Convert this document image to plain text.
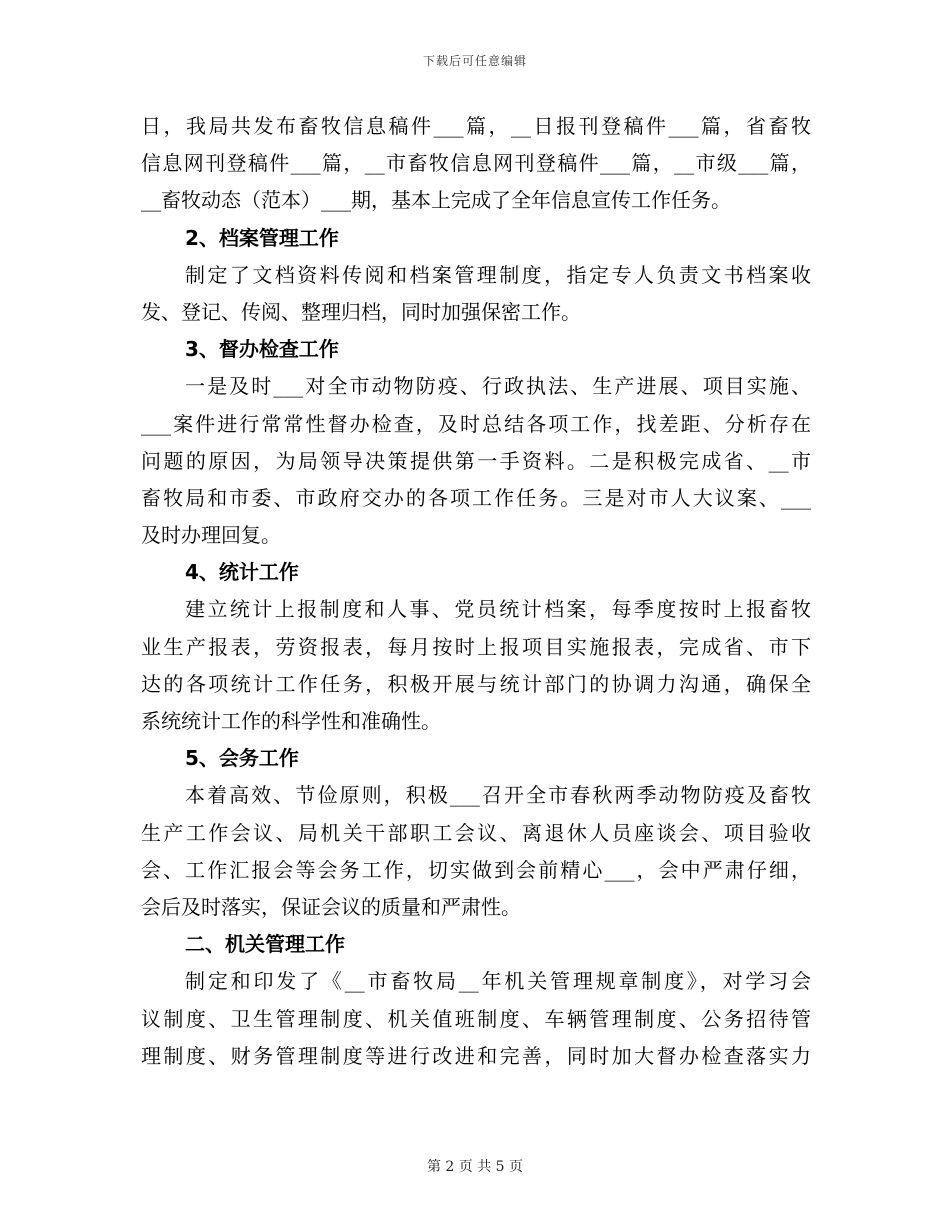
下载后可任意编辑
日，我局共发布畜牧信息稿件___篇，__日报刊登稿件___篇，省畜牧
信息网刊登稿件___篇，__市畜牧信息网刊登稿件___篇，__市级___篇，
__畜牧动态（范本）___期，基本上完成了全年信息宣传工作任务。
2、档案管理工作
制定了文档资料传阅和档案管理制度，指定专人负责文书档案收
发、登记、传阅、整理归档，同时加强保密工作。
3、督办检查工作
一是及时___对全市动物防疫、行政执法、生产进展、项目实施、
___案件进行常常性督办检查，及时总结各项工作，找差距、分析存在
问题的原因，为局领导决策提供第一手资料。二是积极完成省、__市
畜牧局和市委、市政府交办的各项工作任务。三是对市人大议案、___
及时办理回复。
4、统计工作
建立统计上报制度和人事、党员统计档案，每季度按时上报畜牧
业生产报表，劳资报表，每月按时上报项目实施报表，完成省、市下
达的各项统计工作任务，积极开展与统计部门的协调力沟通，确保全
系统统计工作的科学性和准确性。
5、会务工作
本着高效、节俭原则，积极___召开全市春秋两季动物防疫及畜牧
生产工作会议、局机关干部职工会议、离退休人员座谈会、项目验收
会、工作汇报会等会务工作，切实做到会前精心___，会中严肃仔细，
会后及时落实，保证会议的质量和严肃性。
二、机关管理工作
制定和印发了《__市畜牧局__年机关管理规章制度》，对学习会
议制度、卫生管理制度、机关值班制度、车辆管理制度、公务招待管
理制度、财务管理制度等进行改进和完善，同时加大督办检查落实力
第 2 页 共 5 页
